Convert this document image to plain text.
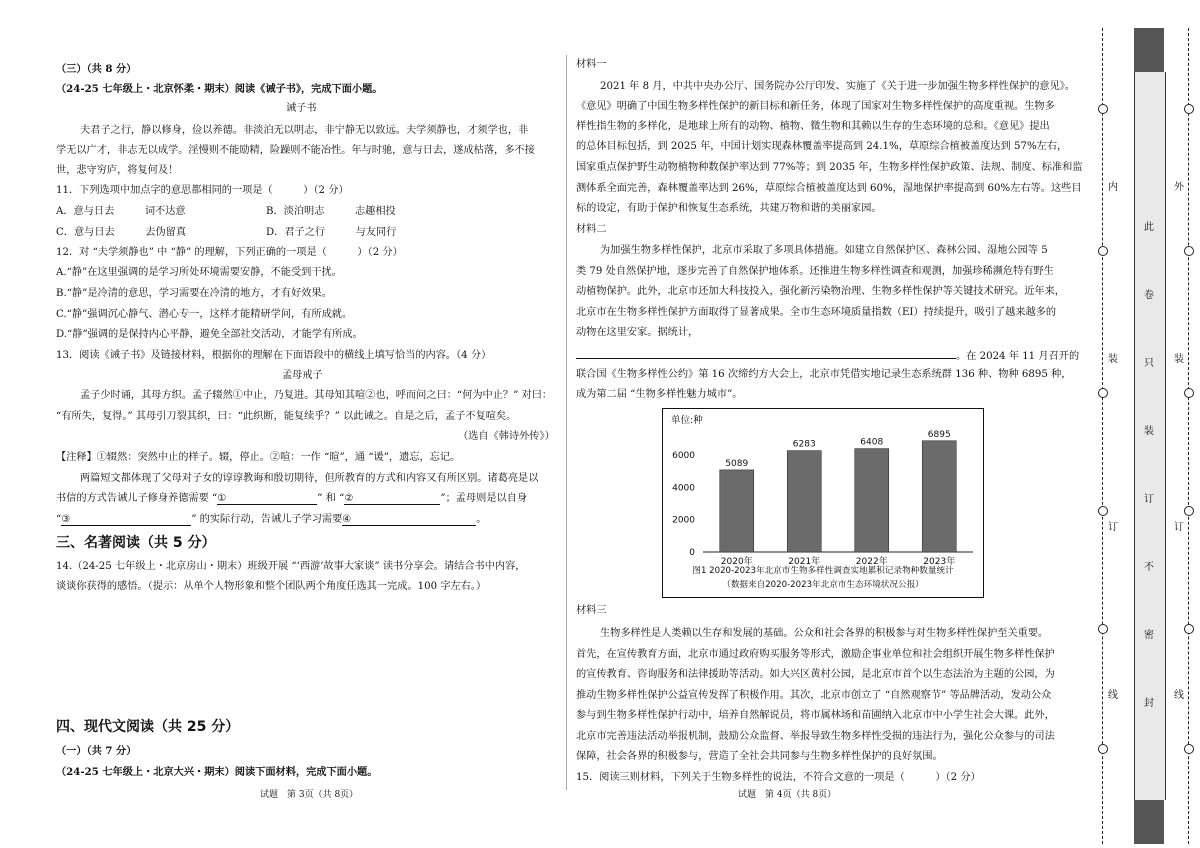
（三）（共 8 分）
（24-25 七年级上・北京怀柔・期末）阅读《诫子书》，完成下面小题。
诫子书
夫君子之行，静以修身，俭以养德。非淡泊无以明志，非宁静无以致远。夫学须静也，才须学也，非
学无以广才，非志无以成学。淫慢则不能励精，险躁则不能冶性。年与时驰，意与日去，遂成枯落，多不接
世，悲守穷庐，将复何及！
11．下列选项中加点字的意思都相同的一项是（　　　）（2 分）
A．意与日去　　　词不达意	B．淡泊明志　　　志趣相投
C．意与日去　　　去伪留真	D．君子之行　　　与友同行
12．对 “夫学须静也” 中 “静” 的理解，下列正确的一项是（　　　）（2 分）
A.“静”在这里强调的是学习所处环境需要安静，不能受到干扰。
B.“静”是冷清的意思，学习需要在冷清的地方，才有好效果。
C.“静”强调沉心静气、潜心专一，这样才能精研学问，有所成就。
D.“静”强调的是保持内心平静，避免全部社交活动，才能学有所成。
13．阅读《诫子书》及链接材料，根据你的理解在下面语段中的横线上填写恰当的内容。（4 分）
孟母戒子
孟子少时诵，其母方织。孟子辍然①中止，乃复进。其母知其喧②也，呼而问之曰：“何为中止？” 对曰：
“有所失，复得。” 其母引刀裂其织，曰：“此织断，能复续乎？” 以此诫之。自是之后，孟子不复喧矣。
（选自《韩诗外传》）
【注释】①辍然：突然中止的样子。辍，停止。②喧：一作 “暄”，通 “谖”，遗忘，忘记。
两篇短文都体现了父母对子女的谆谆教诲和殷切期待，但所教育的方式和内容又有所区别。诸葛亮是以
书信的方式告诫儿子修身养德需要 “①	” 和 “②	”；孟母则是以自身
“③	” 的实际行动，告诫儿子学习需要④	。
三、名著阅读（共 5 分）
14.（24-25 七年级上・北京房山・期末）班级开展 “‘西游’故事大家谈” 读书分享会。请结合书中内容，
谈谈你获得的感悟。（提示：从单个人物形象和整个团队两个角度任选其一完成。100 字左右。）
四、现代文阅读（共 25 分）
（一）（共 7 分）
（24-25 七年级上・北京大兴・期末）阅读下面材料，完成下面小题。
试题　第 3页（共 8页）
材料一
2021 年 8 月，中共中央办公厅、国务院办公厅印发、实施了《关于进一步加强生物多样性保护的意见》。
《意见》明确了中国生物多样性保护的新目标和新任务，体现了国家对生物多样性保护的高度重视。生物多
样性指生物的多样化，是地球上所有的动物、植物、微生物和其赖以生存的生态环境的总和。《意见》提出
的总体目标包括，到 2025 年，中国计划实现森林覆盖率提高到 24.1%，草原综合植被盖度达到 57%左右，
国家重点保护野生动物植物种数保护率达到 77%等；到 2035 年，生物多样性保护政策、法规、制度、标准和监
测体系全面完善，森林覆盖率达到 26%，草原综合植被盖度达到 60%，湿地保护率提高到 60%左右等。这些目
标的设定，有助于保护和恢复生态系统，共建万物和谐的美丽家园。
材料二
为加强生物多样性保护，北京市采取了多项具体措施。如建立自然保护区、森林公园、湿地公园等 5
类 79 处自然保护地，逐步完善了自然保护地体系。还推进生物多样性调查和观测，加强珍稀濒危特有野生
动植物保护。此外，北京市还加大科技投入，强化新污染物治理、生物多样性保护等关键技术研究。近年来，
北京市在生物多样性保护方面取得了显著成果。全市生态环境质量指数（EI）持续提升，吸引了越来越多的
动物在这里安家。据统计，
。在 2024 年 11 月召开的
联合国《生物多样性公约》第 16 次缔约方大会上，北京市凭借实地记录生态系统群 136 种、物种 6895 种，
成为第二届 “生物多样性魅力城市”。
单位:种
0
2000
4000
6000
5089
2020年
6283
2021年
6408
2022年
6895
2023年
图1 2020-2023年北京市生物多样性调查实地累积记录物种数量统计
（数据来自2020-2023年北京市生态环境状况公报）
材料三
生物多样性是人类赖以生存和发展的基础。公众和社会各界的积极参与对生物多样性保护至关重要。
首先，在宣传教育方面，北京市通过政府购买服务等形式，激励企事业单位和社会组织开展生物多样性保护
的宣传教育、咨询服务和法律援助等活动。如大兴区黄村公园，是北京市首个以生态法治为主题的公园，为
推动生物多样性保护公益宣传发挥了积极作用。其次，北京市创立了 “自然观察节” 等品牌活动，发动公众
参与到生物多样性保护行动中，培养自然解说员，将市属林场和苗圃纳入北京市中小学生社会大课。此外，
北京市完善违法活动举报机制，鼓励公众监督、举报导致生物多样性受损的违法行为，强化公众参与的司法
保障，社会各界的积极参与，营造了全社会共同参与生物多样性保护的良好氛围。
15．阅读三则材料，下列关于生物多样性的说法，不符合文意的一项是（　　　）（2 分）
试题　第 4页（共 8页）
内
装
订
线
外
装
订
线
此
卷
只
装
订
不
密
封
